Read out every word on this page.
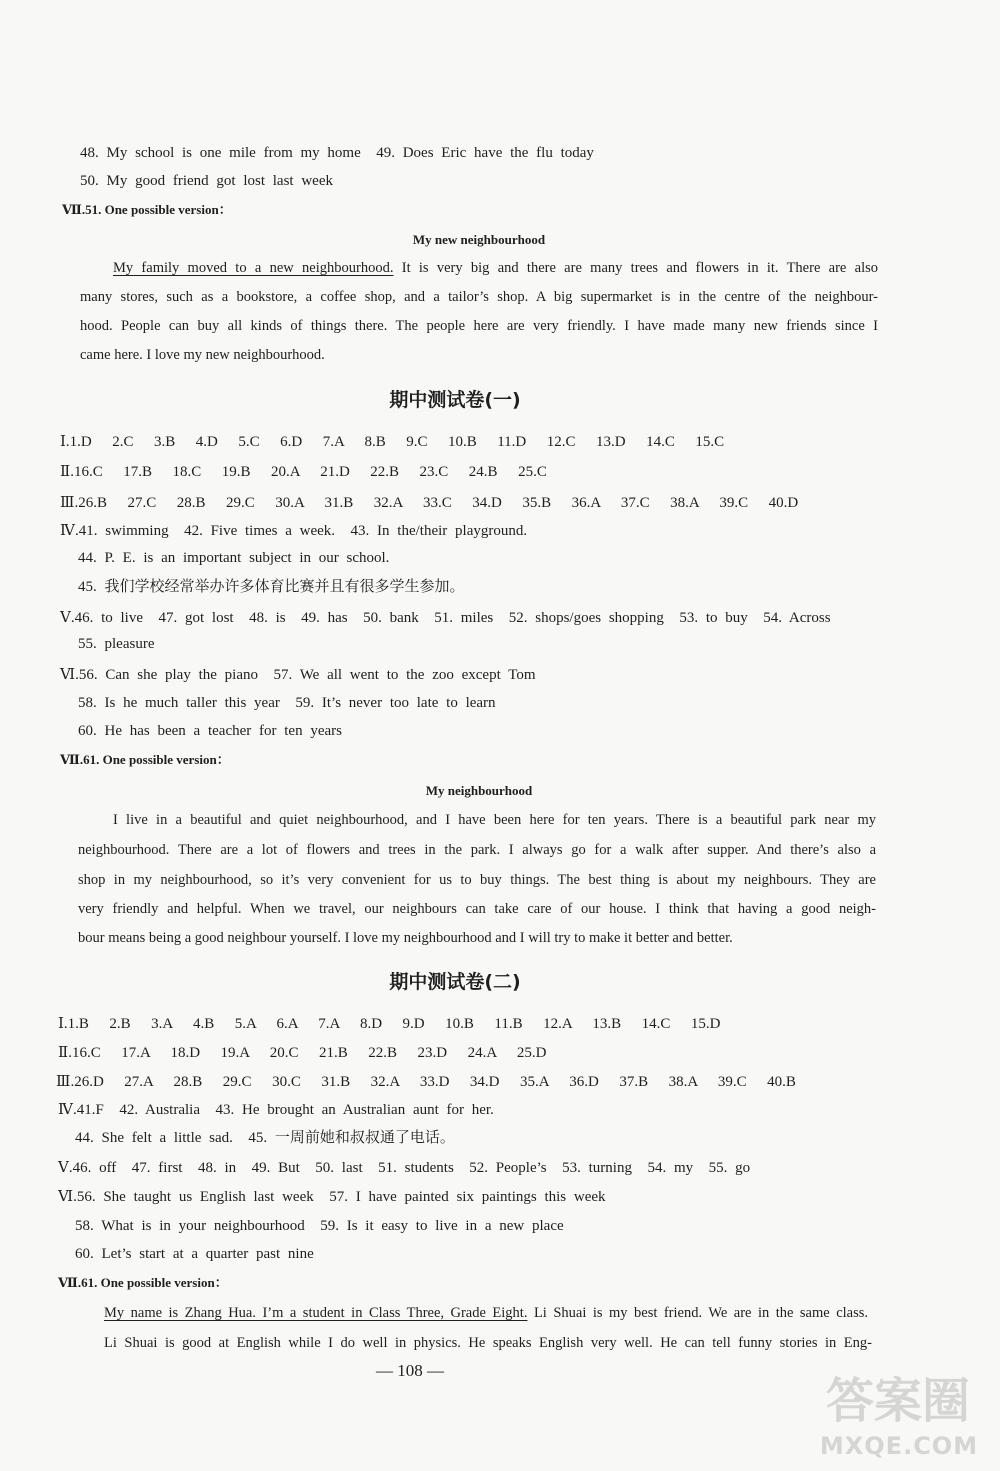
48. My school is one mile from my home  49. Does Eric have the flu today
50. My good friend got lost last week
Ⅶ.51. One possible version：
My new neighbourhood
My family moved to a new neighbourhood. It is very big and there are many trees and flowers in it. There are also
many stores, such as a bookstore, a coffee shop, and a tailor’s shop. A big supermarket is in the centre of the neighbour-
hood. People can buy all kinds of things there. The people here are very friendly. I have made many new friends since I
came here. I love my new neighbourhood.
期中测试卷(一)
Ⅰ.1.D  2.C  3.B  4.D  5.C  6.D  7.A  8.B  9.C  10.B  11.D  12.C  13.D  14.C  15.C
Ⅱ.16.C  17.B  18.C  19.B  20.A  21.D  22.B  23.C  24.B  25.C
Ⅲ.26.B  27.C  28.B  29.C  30.A  31.B  32.A  33.C  34.D  35.B  36.A  37.C  38.A  39.C  40.D
Ⅳ.41. swimming  42. Five times a week.  43. In the/their playground.
44. P. E. is an important subject in our school.
45. 我们学校经常举办许多体育比赛并且有很多学生参加。
Ⅴ.46. to live  47. got lost  48. is  49. has  50. bank  51. miles  52. shops/goes shopping  53. to buy  54. Across
55. pleasure
Ⅵ.56. Can she play the piano  57. We all went to the zoo except Tom
58. Is he much taller this year  59. It’s never too late to learn
60. He has been a teacher for ten years
Ⅶ.61. One possible version：
My neighbourhood
I live in a beautiful and quiet neighbourhood, and I have been here for ten years. There is a beautiful park near my
neighbourhood. There are a lot of flowers and trees in the park. I always go for a walk after supper. And there’s also a
shop in my neighbourhood, so it’s very convenient for us to buy things. The best thing is about my neighbours. They are
very friendly and helpful. When we travel, our neighbours can take care of our house. I think that having a good neigh-
bour means being a good neighbour yourself. I love my neighbourhood and I will try to make it better and better.
期中测试卷(二)
Ⅰ.1.B  2.B  3.A  4.B  5.A  6.A  7.A  8.D  9.D  10.B  11.B  12.A  13.B  14.C  15.D
Ⅱ.16.C  17.A  18.D  19.A  20.C  21.B  22.B  23.D  24.A  25.D
Ⅲ.26.D  27.A  28.B  29.C  30.C  31.B  32.A  33.D  34.D  35.A  36.D  37.B  38.A  39.C  40.B
Ⅳ.41.F  42. Australia  43. He brought an Australian aunt for her.
44. She felt a little sad.  45. 一周前她和叔叔通了电话。
Ⅴ.46. off  47. first  48. in  49. But  50. last  51. students  52. People’s  53. turning  54. my  55. go
Ⅵ.56. She taught us English last week  57. I have painted six paintings this week
58. What is in your neighbourhood  59. Is it easy to live in a new place
60. Let’s start at a quarter past nine
Ⅶ.61. One possible version：
My name is Zhang Hua. I’m a student in Class Three, Grade Eight. Li Shuai is my best friend. We are in the same class.
Li Shuai is good at English while I do well in physics. He speaks English very well. He can tell funny stories in Eng-
— 108 —
答案圈
MXQE.COM
